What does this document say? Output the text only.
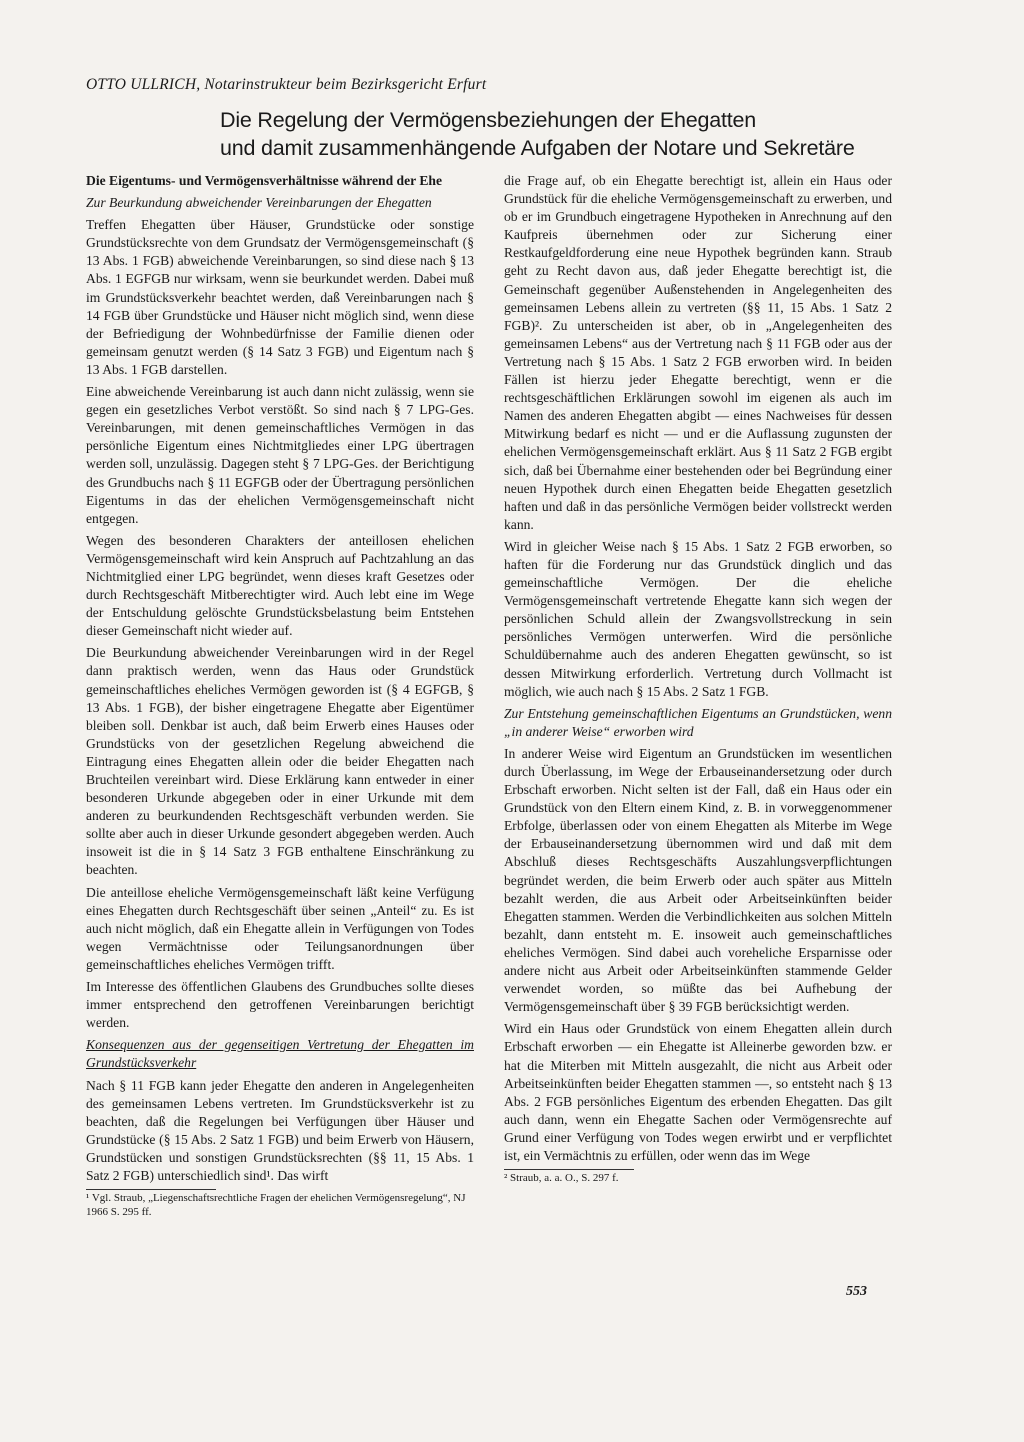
OTTO ULLRICH, Notarinstrukteur beim Bezirksgericht Erfurt
Die Regelung der Vermögensbeziehungen der Ehegatten
und damit zusammenhängende Aufgaben der Notare und Sekretäre

Die Eigentums- und Vermögensverhältnisse während der Ehe

Zur Beurkundung abweichender Vereinbarungen der Ehegatten

Treffen Ehegatten über Häuser, Grundstücke oder sonstige Grundstücksrechte von dem Grundsatz der Vermögensgemeinschaft (§ 13 Abs. 1 FGB) abweichende Vereinbarungen, so sind diese nach § 13 Abs. 1 EGFGB nur wirksam, wenn sie beurkundet werden. Dabei muß im Grundstücksverkehr beachtet werden, daß Vereinbarungen nach § 14 FGB über Grundstücke und Häuser nicht möglich sind, wenn diese der Befriedigung der Wohnbedürfnisse der Familie dienen oder gemeinsam genutzt werden (§ 14 Satz 3 FGB) und Eigentum nach § 13 Abs. 1 FGB darstellen.

Eine abweichende Vereinbarung ist auch dann nicht zulässig, wenn sie gegen ein gesetzliches Verbot verstößt. So sind nach § 7 LPG-Ges. Vereinbarungen, mit denen gemeinschaftliches Vermögen in das persönliche Eigentum eines Nichtmitgliedes einer LPG übertragen werden soll, unzulässig. Dagegen steht § 7 LPG-Ges. der Berichtigung des Grundbuchs nach § 11 EGFGB oder der Übertragung persönlichen Eigentums in das der ehelichen Vermögensgemeinschaft nicht entgegen.

Wegen des besonderen Charakters der anteillosen ehelichen Vermögensgemeinschaft wird kein Anspruch auf Pachtzahlung an das Nichtmitglied einer LPG begründet, wenn dieses kraft Gesetzes oder durch Rechtsgeschäft Mitberechtigter wird. Auch lebt eine im Wege der Entschuldung gelöschte Grundstücksbelastung beim Entstehen dieser Gemeinschaft nicht wieder auf.

Die Beurkundung abweichender Vereinbarungen wird in der Regel dann praktisch werden, wenn das Haus oder Grundstück gemeinschaftliches eheliches Vermögen geworden ist (§ 4 EGFGB, § 13 Abs. 1 FGB), der bisher eingetragene Ehegatte aber Eigentümer bleiben soll. Denkbar ist auch, daß beim Erwerb eines Hauses oder Grundstücks von der gesetzlichen Regelung abweichend die Eintragung eines Ehegatten allein oder die beider Ehegatten nach Bruchteilen vereinbart wird. Diese Erklärung kann entweder in einer besonderen Urkunde abgegeben oder in einer Urkunde mit dem anderen zu beurkundenden Rechtsgeschäft verbunden werden. Sie sollte aber auch in dieser Urkunde gesondert abgegeben werden. Auch insoweit ist die in § 14 Satz 3 FGB enthaltene Einschränkung zu beachten.

Die anteillose eheliche Vermögensgemeinschaft läßt keine Verfügung eines Ehegatten durch Rechtsgeschäft über seinen „Anteil“ zu. Es ist auch nicht möglich, daß ein Ehegatte allein in Verfügungen von Todes wegen Vermächtnisse oder Teilungsanordnungen über gemeinschaftliches eheliches Vermögen trifft.

Im Interesse des öffentlichen Glaubens des Grundbuches sollte dieses immer entsprechend den getroffenen Vereinbarungen berichtigt werden.

Konsequenzen aus der gegenseitigen Vertretung der Ehegatten im Grundstücksverkehr

Nach § 11 FGB kann jeder Ehegatte den anderen in Angelegenheiten des gemeinsamen Lebens vertreten. Im Grundstücksverkehr ist zu beachten, daß die Regelungen bei Verfügungen über Häuser und Grundstücke (§ 15 Abs. 2 Satz 1 FGB) und beim Erwerb von Häusern, Grundstücken und sonstigen Grundstücksrechten (§§ 11, 15 Abs. 1 Satz 2 FGB) unterschiedlich sind¹. Das wirft

¹ Vgl. Straub, „Liegenschaftsrechtliche Fragen der ehelichen Vermögensregelung“, NJ 1966 S. 295 ff.

die Frage auf, ob ein Ehegatte berechtigt ist, allein ein Haus oder Grundstück für die eheliche Vermögensgemeinschaft zu erwerben, und ob er im Grundbuch eingetragene Hypotheken in Anrechnung auf den Kaufpreis übernehmen oder zur Sicherung einer Restkaufgeldforderung eine neue Hypothek begründen kann. Straub geht zu Recht davon aus, daß jeder Ehegatte berechtigt ist, die Gemeinschaft gegenüber Außenstehenden in Angelegenheiten des gemeinsamen Lebens allein zu vertreten (§§ 11, 15 Abs. 1 Satz 2 FGB)². Zu unterscheiden ist aber, ob in „Angelegenheiten des gemeinsamen Lebens“ aus der Vertretung nach § 11 FGB oder aus der Vertretung nach § 15 Abs. 1 Satz 2 FGB erworben wird. In beiden Fällen ist hierzu jeder Ehegatte berechtigt, wenn er die rechtsgeschäftlichen Erklärungen sowohl im eigenen als auch im Namen des anderen Ehegatten abgibt — eines Nachweises für dessen Mitwirkung bedarf es nicht — und er die Auflassung zugunsten der ehelichen Vermögensgemeinschaft erklärt. Aus § 11 Satz 2 FGB ergibt sich, daß bei Übernahme einer bestehenden oder bei Begründung einer neuen Hypothek durch einen Ehegatten beide Ehegatten gesetzlich haften und daß in das persönliche Vermögen beider vollstreckt werden kann.

Wird in gleicher Weise nach § 15 Abs. 1 Satz 2 FGB erworben, so haften für die Forderung nur das Grundstück dinglich und das gemeinschaftliche Vermögen. Der die eheliche Vermögensgemeinschaft vertretende Ehegatte kann sich wegen der persönlichen Schuld allein der Zwangsvollstreckung in sein persönliches Vermögen unterwerfen. Wird die persönliche Schuldübernahme auch des anderen Ehegatten gewünscht, so ist dessen Mitwirkung erforderlich. Vertretung durch Vollmacht ist möglich, wie auch nach § 15 Abs. 2 Satz 1 FGB.

Zur Entstehung gemeinschaftlichen Eigentums an Grundstücken, wenn „in anderer Weise“ erworben wird

In anderer Weise wird Eigentum an Grundstücken im wesentlichen durch Überlassung, im Wege der Erbauseinandersetzung oder durch Erbschaft erworben. Nicht selten ist der Fall, daß ein Haus oder ein Grundstück von den Eltern einem Kind, z. B. in vorweggenommener Erbfolge, überlassen oder von einem Ehegatten als Miterbe im Wege der Erbauseinandersetzung übernommen wird und daß mit dem Abschluß dieses Rechtsgeschäfts Auszahlungsverpflichtungen begründet werden, die beim Erwerb oder auch später aus Mitteln bezahlt werden, die aus Arbeit oder Arbeitseinkünften beider Ehegatten stammen. Werden die Verbindlichkeiten aus solchen Mitteln bezahlt, dann entsteht m. E. insoweit auch gemeinschaftliches eheliches Vermögen. Sind dabei auch voreheliche Ersparnisse oder andere nicht aus Arbeit oder Arbeitseinkünften stammende Gelder verwendet worden, so müßte das bei Aufhebung der Vermögensgemeinschaft über § 39 FGB berücksichtigt werden.

Wird ein Haus oder Grundstück von einem Ehegatten allein durch Erbschaft erworben — ein Ehegatte ist Alleinerbe geworden bzw. er hat die Miterben mit Mitteln ausgezahlt, die nicht aus Arbeit oder Arbeitseinkünften beider Ehegatten stammen —, so entsteht nach § 13 Abs. 2 FGB persönliches Eigentum des erbenden Ehegatten. Das gilt auch dann, wenn ein Ehegatte Sachen oder Vermögensrechte auf Grund einer Verfügung von Todes wegen erwirbt und er verpflichtet ist, ein Vermächtnis zu erfüllen, oder wenn das im Wege

² Straub, a. a. O., S. 297 f.

553
